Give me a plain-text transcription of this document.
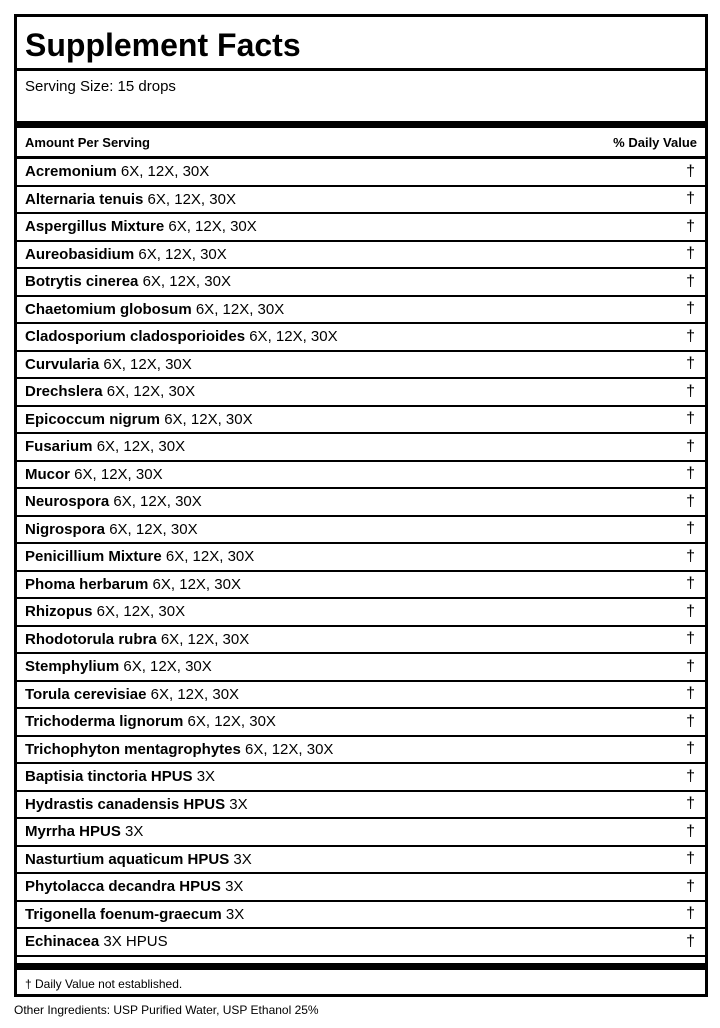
Supplement Facts
Serving Size: 15 drops
Amount Per Serving	% Daily Value
Acremonium 6X, 12X, 30X	†
Alternaria tenuis 6X, 12X, 30X	†
Aspergillus Mixture 6X, 12X, 30X	†
Aureobasidium 6X, 12X, 30X	†
Botrytis cinerea 6X, 12X, 30X	†
Chaetomium globosum 6X, 12X, 30X	†
Cladosporium cladosporioides 6X, 12X, 30X	†
Curvularia 6X, 12X, 30X	†
Drechslera 6X, 12X, 30X	†
Epicoccum nigrum 6X, 12X, 30X	†
Fusarium 6X, 12X, 30X	†
Mucor 6X, 12X, 30X	†
Neurospora 6X, 12X, 30X	†
Nigrospora 6X, 12X, 30X	†
Penicillium Mixture 6X, 12X, 30X	†
Phoma herbarum 6X, 12X, 30X	†
Rhizopus 6X, 12X, 30X	†
Rhodotorula rubra 6X, 12X, 30X	†
Stemphylium 6X, 12X, 30X	†
Torula cerevisiae 6X, 12X, 30X	†
Trichoderma lignorum 6X, 12X, 30X	†
Trichophyton mentagrophytes 6X, 12X, 30X	†
Baptisia tinctoria HPUS 3X	†
Hydrastis canadensis HPUS 3X	†
Myrrha HPUS 3X	†
Nasturtium aquaticum HPUS 3X	†
Phytolacca decandra HPUS 3X	†
Trigonella foenum-graecum 3X	†
Echinacea 3X HPUS	†
† Daily Value not established.
Other Ingredients: USP Purified Water, USP Ethanol 25%
